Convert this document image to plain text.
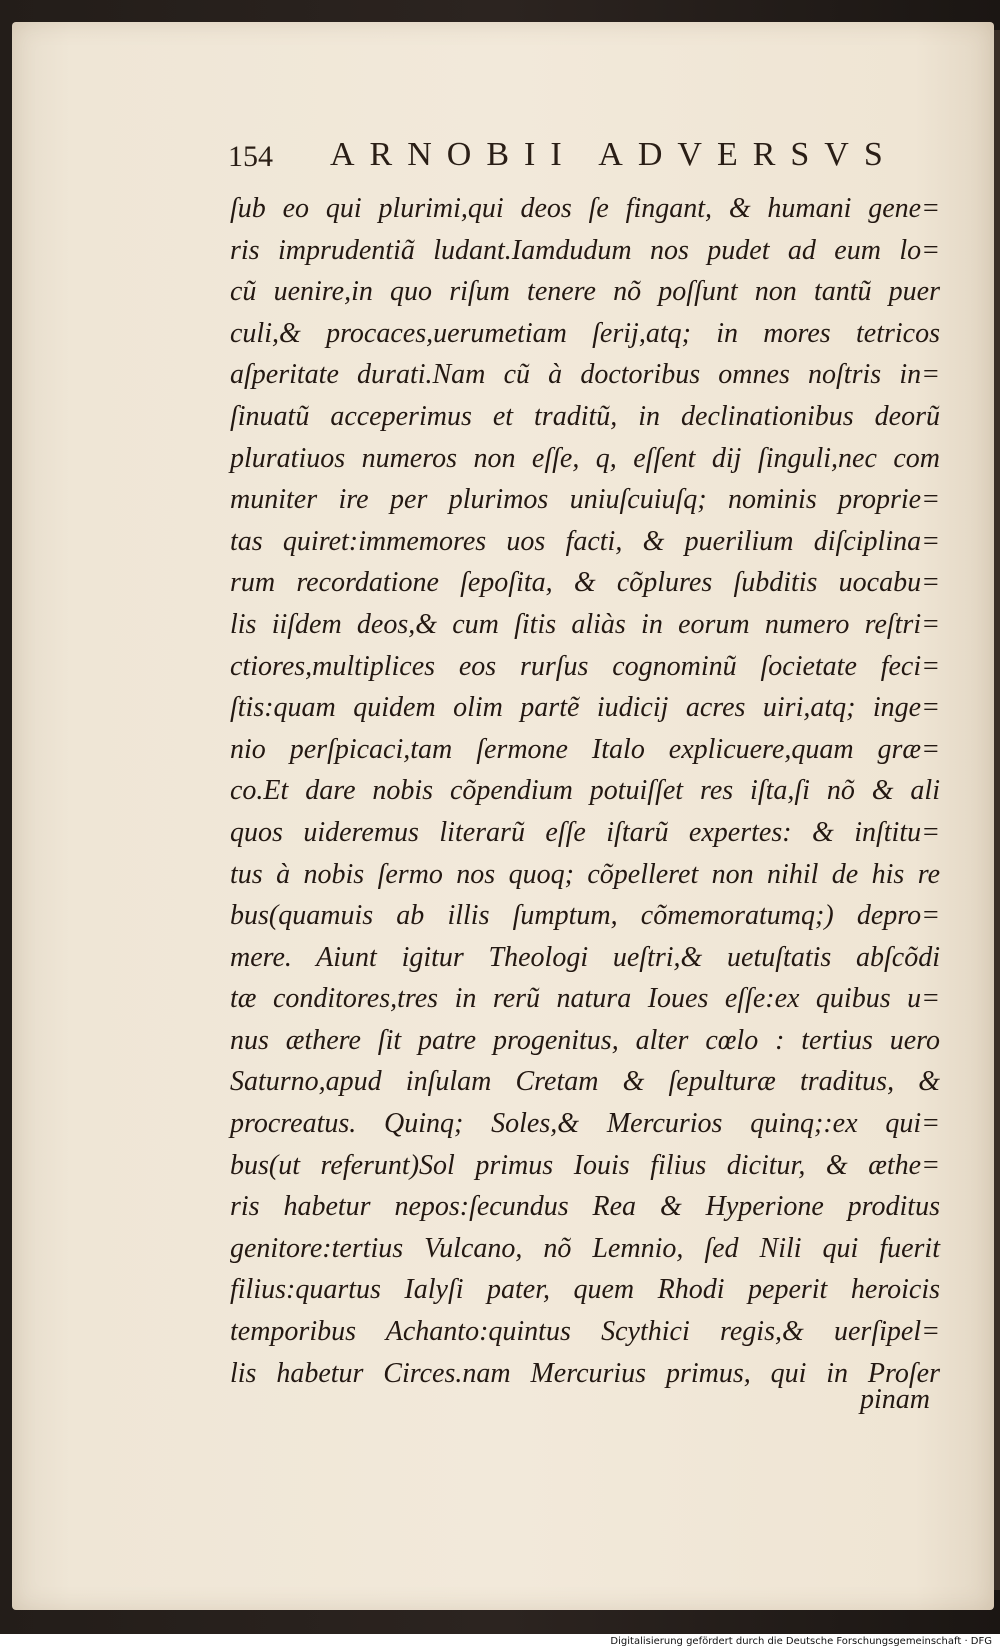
154 ARNOBII ADVERSVS
ſub eo qui plurimi,qui deos ſe fingant, & humani gene=
ris imprudentiã ludant.Iamdudum nos pudet ad eum lo=
cũ uenire,in quo riſum tenere nõ poſſunt non tantũ puer
culi,& procaces,uerumetiam ſerij,atq; in mores tetricos
aſperitate durati.Nam cũ à doctoribus omnes noſtris in=
ſinuatũ acceperimus et traditũ, in declinationibus deorũ
pluratiuos numeros non eſſe, q, eſſent dij ſinguli,nec com
muniter ire per plurimos uniuſcuiuſq; nominis proprie=
tas quiret:immemores uos facti, & puerilium diſciplina=
rum recordatione ſepoſita, & cõplures ſubditis uocabu=
lis iiſdem deos,& cum ſitis aliàs in eorum numero reſtri=
ctiores,multiplices eos rurſus cognominũ ſocietate feci=
ſtis:quam quidem olim partẽ iudicij acres uiri,atq; inge=
nio perſpicaci,tam ſermone Italo explicuere,quam græ=
co.Et dare nobis cõpendium potuiſſet res iſta,ſi nõ & ali
quos uideremus literarũ eſſe iſtarũ expertes: & inſtitu=
tus à nobis ſermo nos quoq; cõpelleret non nihil de his re
bus(quamuis ab illis ſumptum, cõmemoratumq;) depro=
mere. Aiunt igitur Theologi ueſtri,& uetuſtatis abſcõdi
tæ conditores,tres in rerũ natura Ioues eſſe:ex quibus u=
nus æthere ſit patre progenitus, alter cœlo : tertius uero
Saturno,apud inſulam Cretam & ſepulturæ traditus, &
procreatus. Quinq; Soles,& Mercurios quinq;:ex qui=
bus(ut referunt)Sol primus Iouis filius dicitur, & æthe=
ris habetur nepos:ſecundus Rea & Hyperione proditus
genitore:tertius Vulcano, nõ Lemnio, ſed Nili qui fuerit
filius:quartus Ialyſi pater, quem Rhodi peperit heroicis
temporibus Achanto:quintus Scythici regis,& uerſipel=
lis habetur Circes.nam Mercurius primus, qui in Proſer
pinam
Digitalisierung gefördert durch die Deutsche Forschungsgemeinschaft · DFG
